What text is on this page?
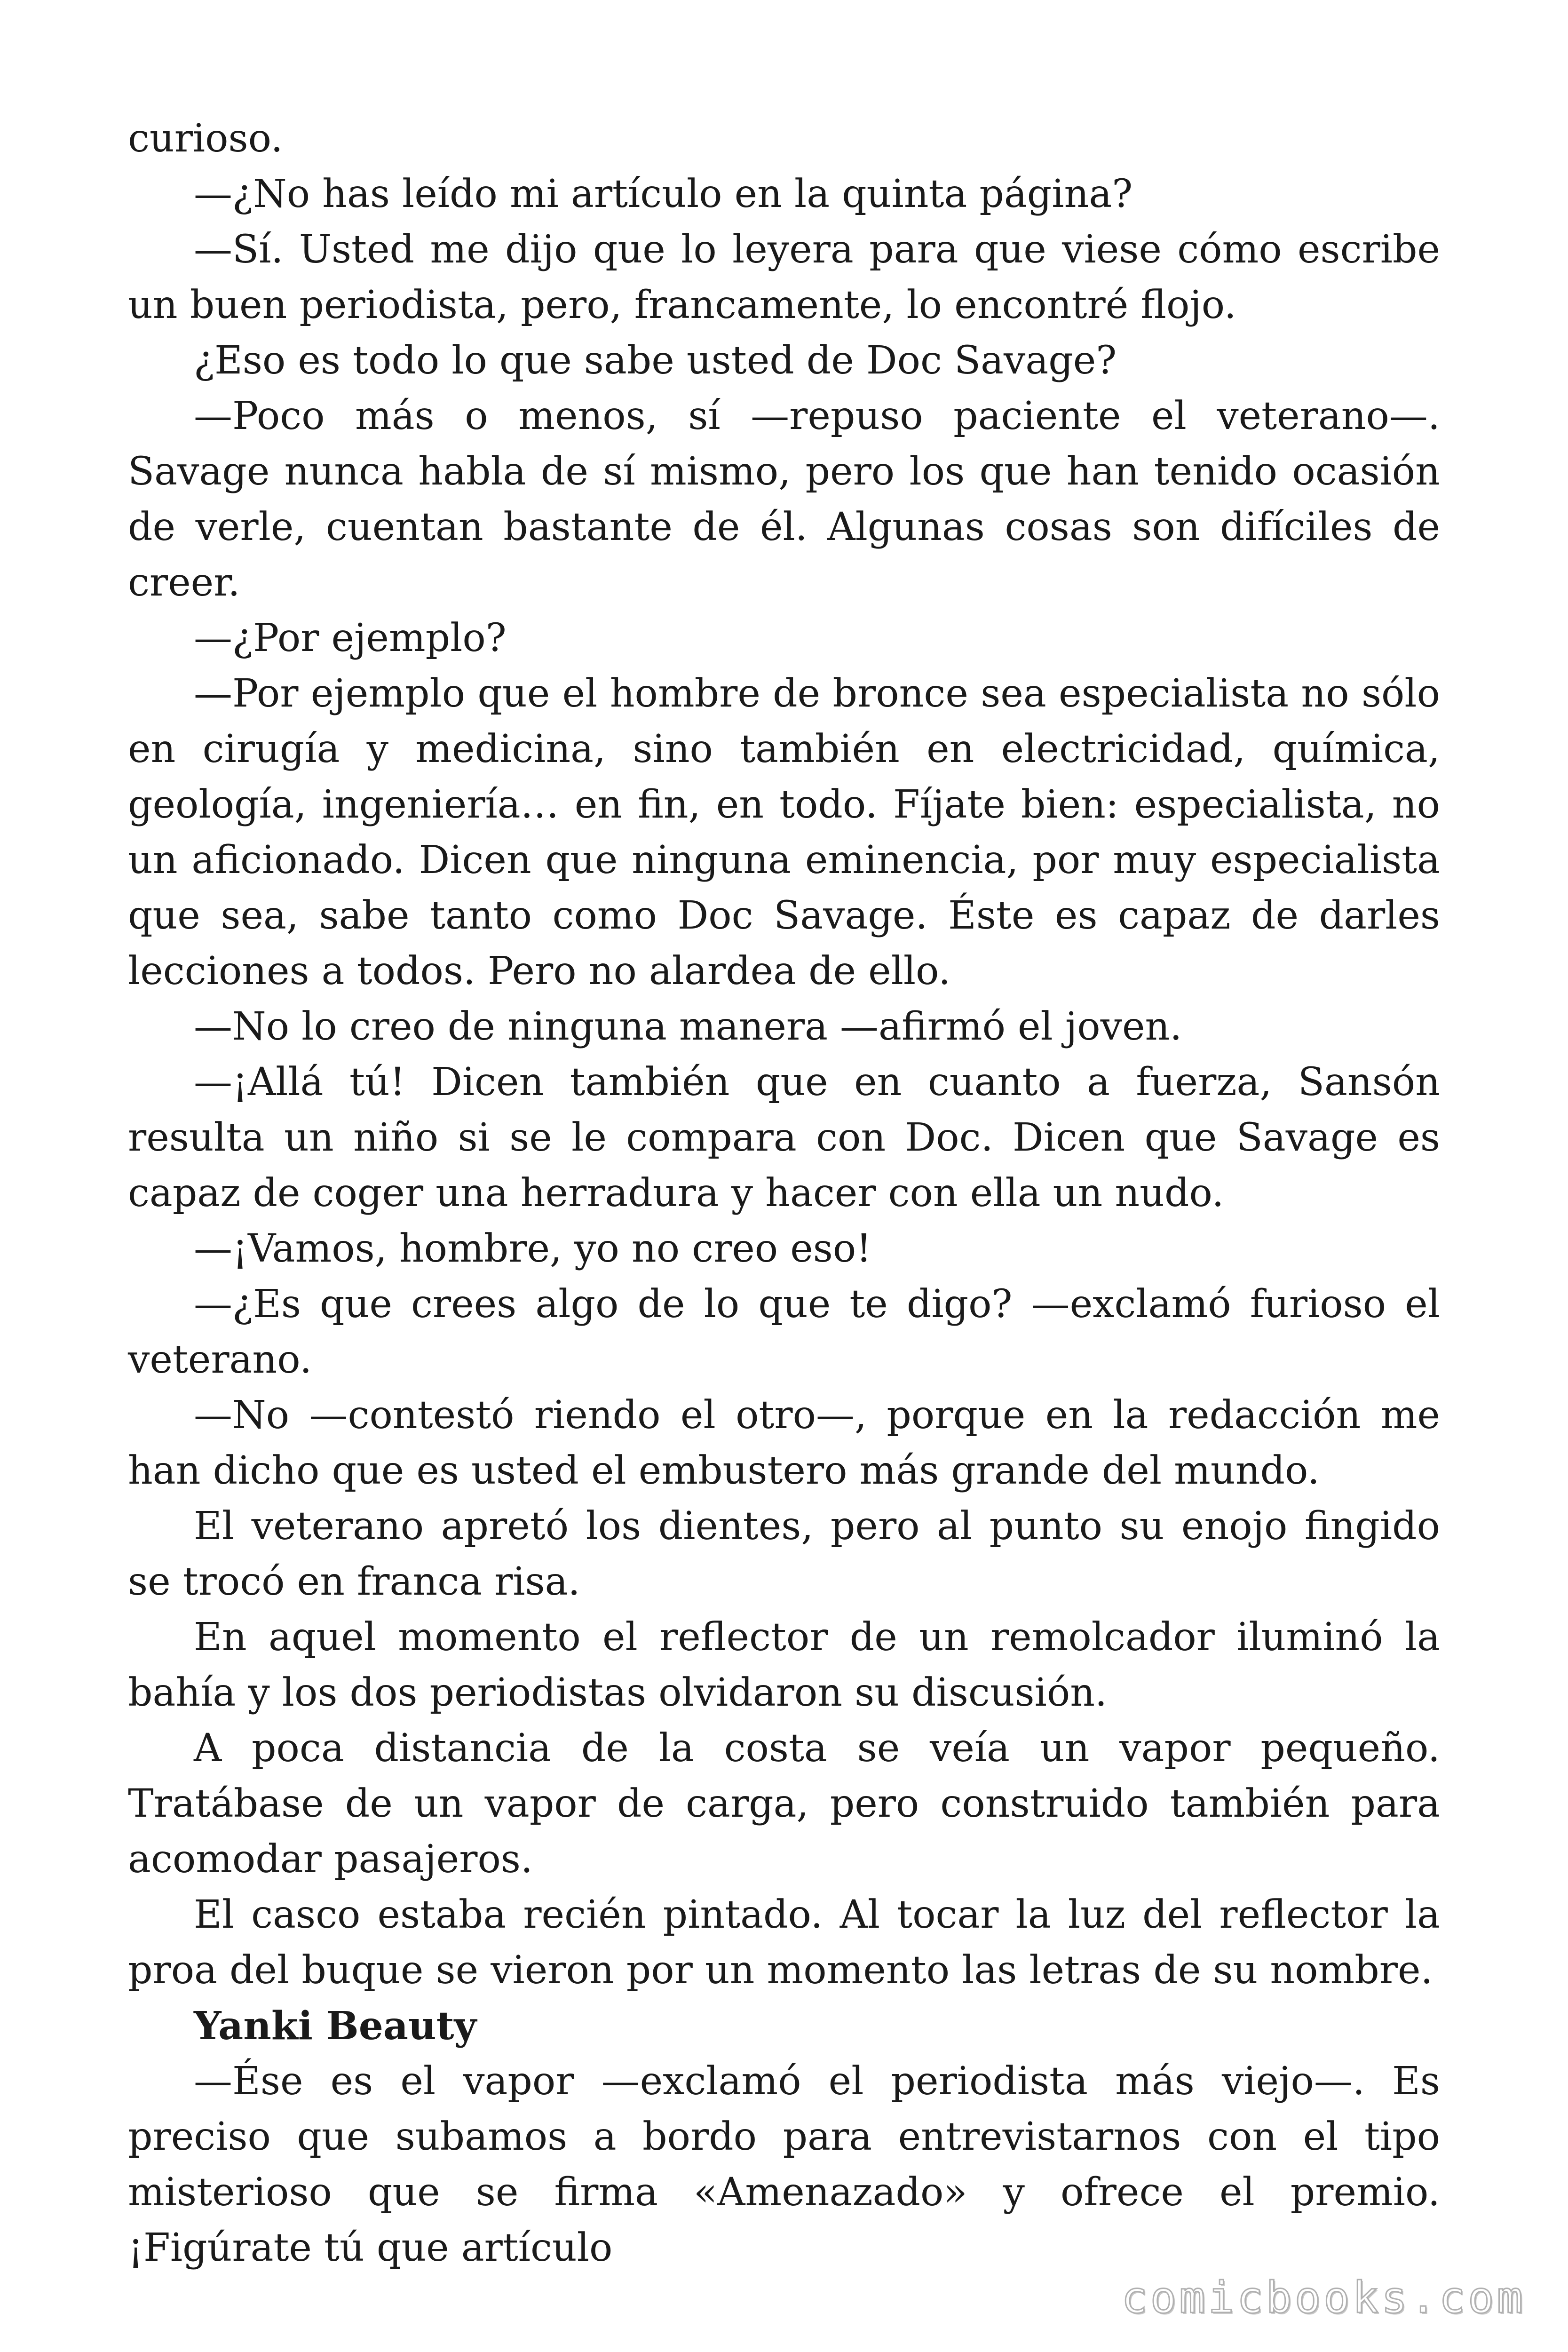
curioso.

—¿No has leído mi artículo en la quinta página?

—Sí. Usted me dijo que lo leyera para que viese cómo escribe un buen periodista, pero, francamente, lo encontré flojo.

¿Eso es todo lo que sabe usted de Doc Savage?

—Poco más o menos, sí —repuso paciente el veterano—. Savage nunca habla de sí mismo, pero los que han tenido ocasión de verle, cuentan bastante de él. Algunas cosas son difíciles de creer.

—¿Por ejemplo?

—Por ejemplo que el hombre de bronce sea especialista no sólo en cirugía y medicina, sino también en electricidad, química, geología, ingeniería… en fin, en todo. Fíjate bien: especialista, no un aficionado. Dicen que ninguna eminencia, por muy especialista que sea, sabe tanto como Doc Savage. Éste es capaz de darles lecciones a todos. Pero no alardea de ello.

—No lo creo de ninguna manera —afirmó el joven.

—¡Allá tú! Dicen también que en cuanto a fuerza, Sansón resulta un niño si se le compara con Doc. Dicen que Savage es capaz de coger una herradura y hacer con ella un nudo.

—¡Vamos, hombre, yo no creo eso!

—¿Es que crees algo de lo que te digo? —exclamó furioso el veterano.

—No —contestó riendo el otro—, porque en la redacción me han dicho que es usted el embustero más grande del mundo.

El veterano apretó los dientes, pero al punto su enojo fingido se trocó en franca risa.

En aquel momento el reflector de un remolcador iluminó la bahía y los dos periodistas olvidaron su discusión.

A poca distancia de la costa se veía un vapor pequeño. Tratábase de un vapor de carga, pero construido también para acomodar pasajeros.

El casco estaba recién pintado. Al tocar la luz del reflector la proa del buque se vieron por un momento las letras de su nombre.

Yanki Beauty

—Ése es el vapor —exclamó el periodista más viejo—. Es preciso que subamos a bordo para entrevistarnos con el tipo misterioso que se firma «Amenazado» y ofrece el premio. ¡Figúrate tú que artículo

comicbooks.com
